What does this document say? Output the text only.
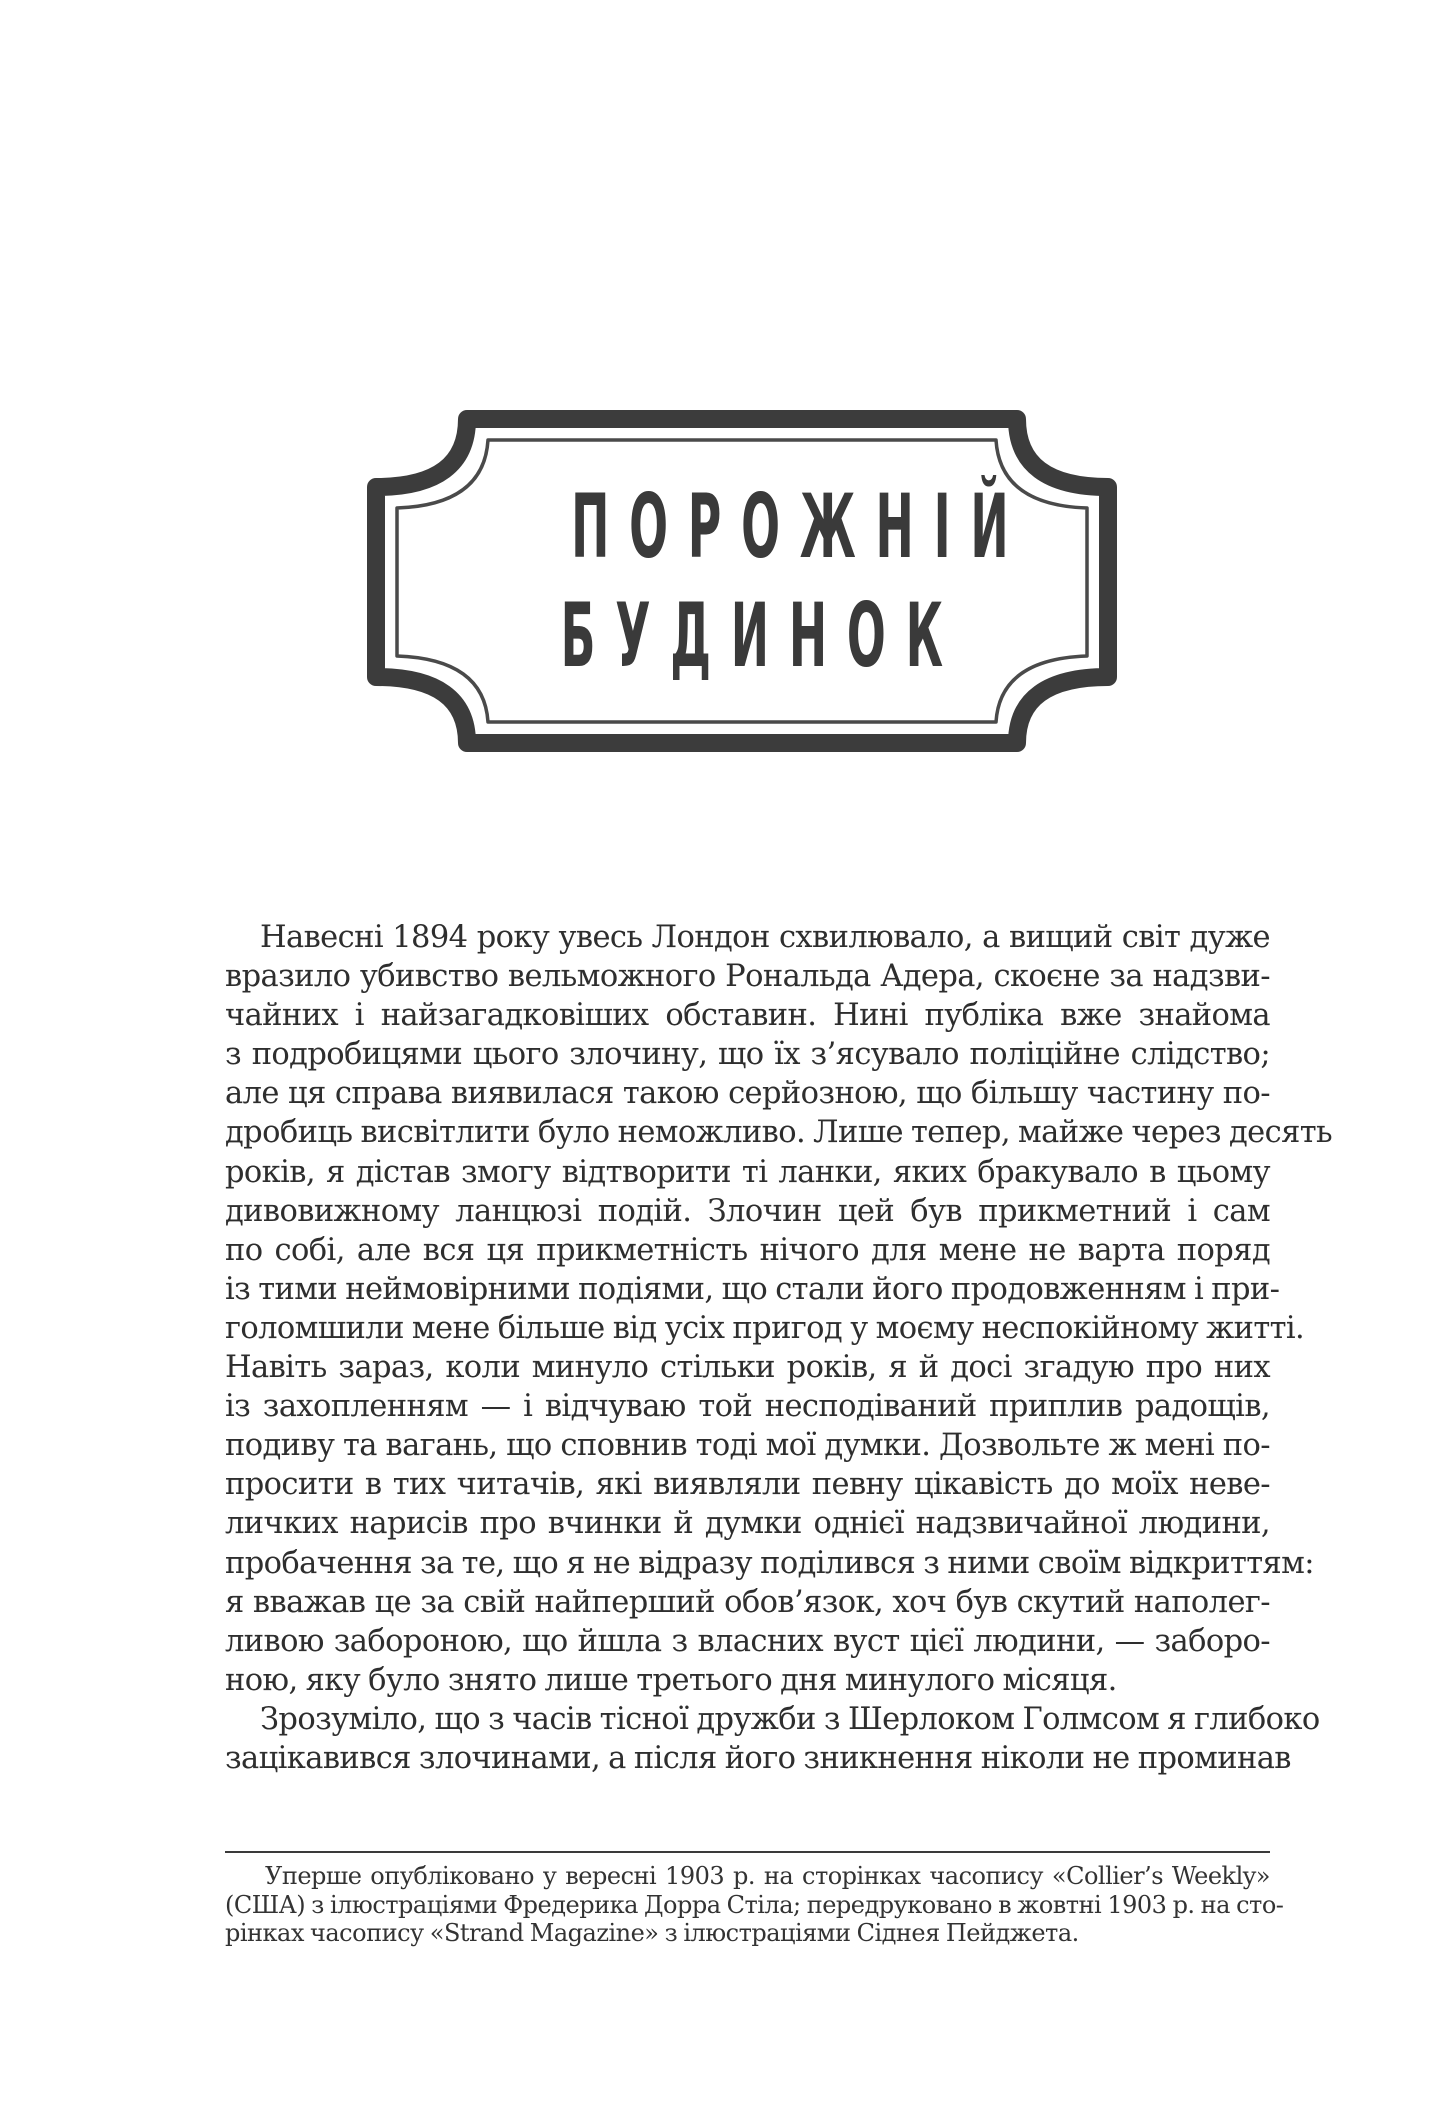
ПОРОЖНІЙ
БУДИНОК
Навесні 1894 року увесь Лондон схвилювало, а вищий світ дуже
вразило убивство вельможного Рональда Адера, скоєне за надзви-
чайних і найзагадковіших обставин. Нині публіка вже знайома
з подробицями цього злочину, що їх з’ясувало поліційне слідство;
але ця справа виявилася такою серйозною, що більшу частину по-
дробиць висвітлити було неможливо. Лише тепер, майже через десять
років, я дістав змогу відтворити ті ланки, яких бракувало в цьому
дивовижному ланцюзі подій. Злочин цей був прикметний і сам
по собі, але вся ця прикметність нічого для мене не варта поряд
із тими неймовірними подіями, що стали його продовженням і при-
голомшили мене більше від усіх пригод у моєму неспокійному житті.
Навіть зараз, коли минуло стільки років, я й досі згадую про них
із захопленням — і відчуваю той несподіваний приплив радощів,
подиву та вагань, що сповнив тоді мої думки. Дозвольте ж мені по-
просити в тих читачів, які виявляли певну цікавість до моїх неве-
личких нарисів про вчинки й думки однієї надзвичайної людини,
пробачення за те, що я не відразу поділився з ними своїм відкриттям:
я вважав це за свій найперший обов’язок, хоч був скутий наполег-
ливою забороною, що йшла з власних вуст цієї людини, — заборо-
ною, яку було знято лише третього дня минулого місяця.
Зрозуміло, що з часів тісної дружби з Шерлоком Голмсом я глибоко
зацікавився злочинами, а після його зникнення ніколи не проминав
Уперше опубліковано у вересні 1903 р. на сторінках часопису «Collier’s Weekly»
(США) з ілюстраціями Фредерика Дорра Стіла; передруковано в жовтні 1903 р. на сто-
рінках часопису «Strand Magazine» з ілюстраціями Сіднея Пейджета.
